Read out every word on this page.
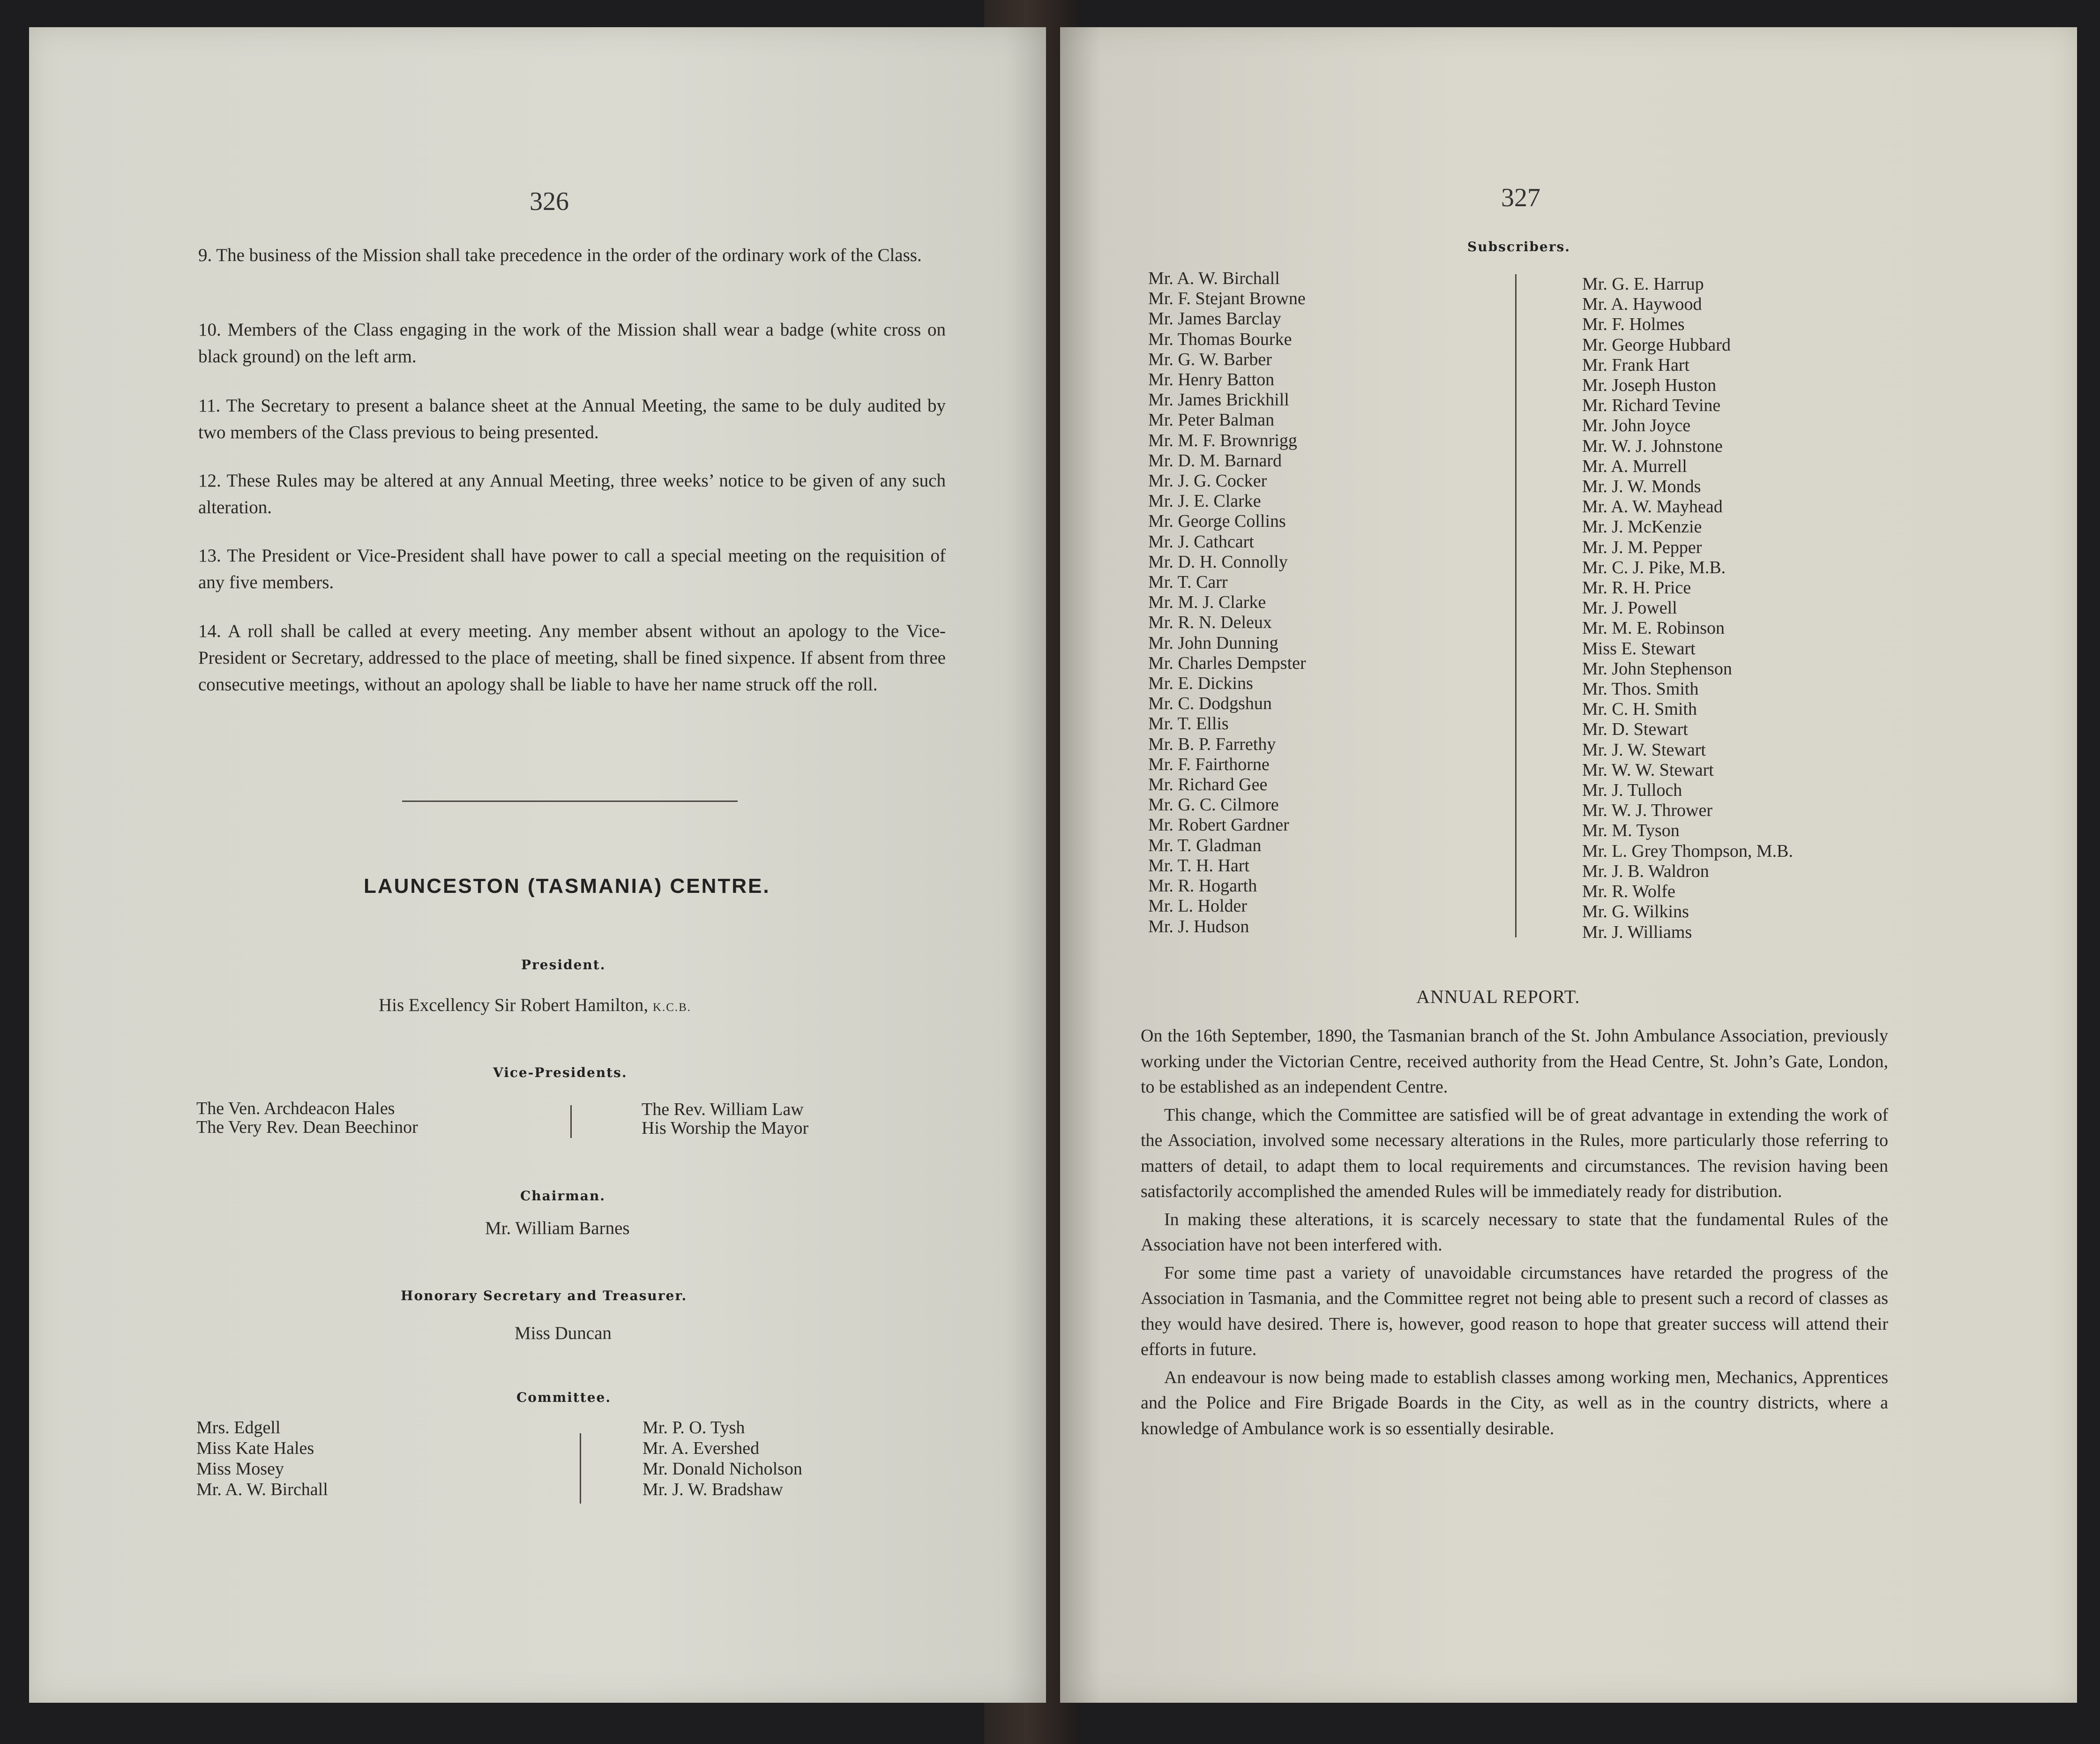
326
9. The business of the Mission shall take precedence in the order of the ordinary work of the Class.
10. Members of the Class engaging in the work of the Mission shall wear a badge (white cross on black ground) on the left arm.
11. The Secretary to present a balance sheet at the Annual Meeting, the same to be duly audited by two members of the Class previous to being presented.
12. These Rules may be altered at any Annual Meeting, three weeks’ notice to be given of any such alteration.
13. The President or Vice-President shall have power to call a special meeting on the requisition of any five members.
14. A roll shall be called at every meeting. Any member absent without an apology to the Vice-President or Secretary, addressed to the place of meeting, shall be fined sixpence. If absent from three consecutive meetings, without an apology shall be liable to have her name struck off the roll.
LAUNCESTON (TASMANIA) CENTRE.
President.
His Excellency Sir Robert Hamilton, K.C.B.
Vice-Presidents.
The Ven. Archdeacon Hales
The Very Rev. Dean Beechinor
The Rev. William Law
His Worship the Mayor
Chairman.
Mr. William Barnes
Honorary Secretary and Treasurer.
Miss Duncan
Committee.
Mrs. Edgell
Miss Kate Hales
Miss Mosey
Mr. A. W. Birchall
Mr. P. O. Tysh
Mr. A. Evershed
Mr. Donald Nicholson
Mr. J. W. Bradshaw
327
Subscribers.
Mr. A. W. Birchall
Mr. F. Stejant Browne
Mr. James Barclay
Mr. Thomas Bourke
Mr. G. W. Barber
Mr. Henry Batton
Mr. James Brickhill
Mr. Peter Balman
Mr. M. F. Brownrigg
Mr. D. M. Barnard
Mr. J. G. Cocker
Mr. J. E. Clarke
Mr. George Collins
Mr. J. Cathcart
Mr. D. H. Connolly
Mr. T. Carr
Mr. M. J. Clarke
Mr. R. N. Deleux
Mr. John Dunning
Mr. Charles Dempster
Mr. E. Dickins
Mr. C. Dodgshun
Mr. T. Ellis
Mr. B. P. Farrethy
Mr. F. Fairthorne
Mr. Richard Gee
Mr. G. C. Cilmore
Mr. Robert Gardner
Mr. T. Gladman
Mr. T. H. Hart
Mr. R. Hogarth
Mr. L. Holder
Mr. J. Hudson
Mr. G. E. Harrup
Mr. A. Haywood
Mr. F. Holmes
Mr. George Hubbard
Mr. Frank Hart
Mr. Joseph Huston
Mr. Richard Tevine
Mr. John Joyce
Mr. W. J. Johnstone
Mr. A. Murrell
Mr. J. W. Monds
Mr. A. W. Mayhead
Mr. J. McKenzie
Mr. J. M. Pepper
Mr. C. J. Pike, M.B.
Mr. R. H. Price
Mr. J. Powell
Mr. M. E. Robinson
Miss E. Stewart
Mr. John Stephenson
Mr. Thos. Smith
Mr. C. H. Smith
Mr. D. Stewart
Mr. J. W. Stewart
Mr. W. W. Stewart
Mr. J. Tulloch
Mr. W. J. Thrower
Mr. M. Tyson
Mr. L. Grey Thompson, M.B.
Mr. J. B. Waldron
Mr. R. Wolfe
Mr. G. Wilkins
Mr. J. Williams
ANNUAL REPORT.

On the 16th September, 1890, the Tasmanian branch of the St. John Ambulance Association, previously working under the Victorian Centre, received authority from the Head Centre, St. John’s Gate, London, to be established as an independent Centre.

This change, which the Committee are satisfied will be of great advantage in extending the work of the Association, involved some necessary alterations in the Rules, more particularly those referring to matters of detail, to adapt them to local requirements and circumstances. The revision having been satisfactorily accomplished the amended Rules will be immediately ready for distribution.

In making these alterations, it is scarcely necessary to state that the fundamental Rules of the Association have not been interfered with.

For some time past a variety of unavoidable circumstances have retarded the progress of the Association in Tasmania, and the Committee regret not being able to present such a record of classes as they would have desired. There is, however, good reason to hope that greater success will attend their efforts in future.

An endeavour is now being made to establish classes among working men, Mechanics, Apprentices and the Police and Fire Brigade Boards in the City, as well as in the country districts, where a knowledge of Ambulance work is so essentially desirable.
